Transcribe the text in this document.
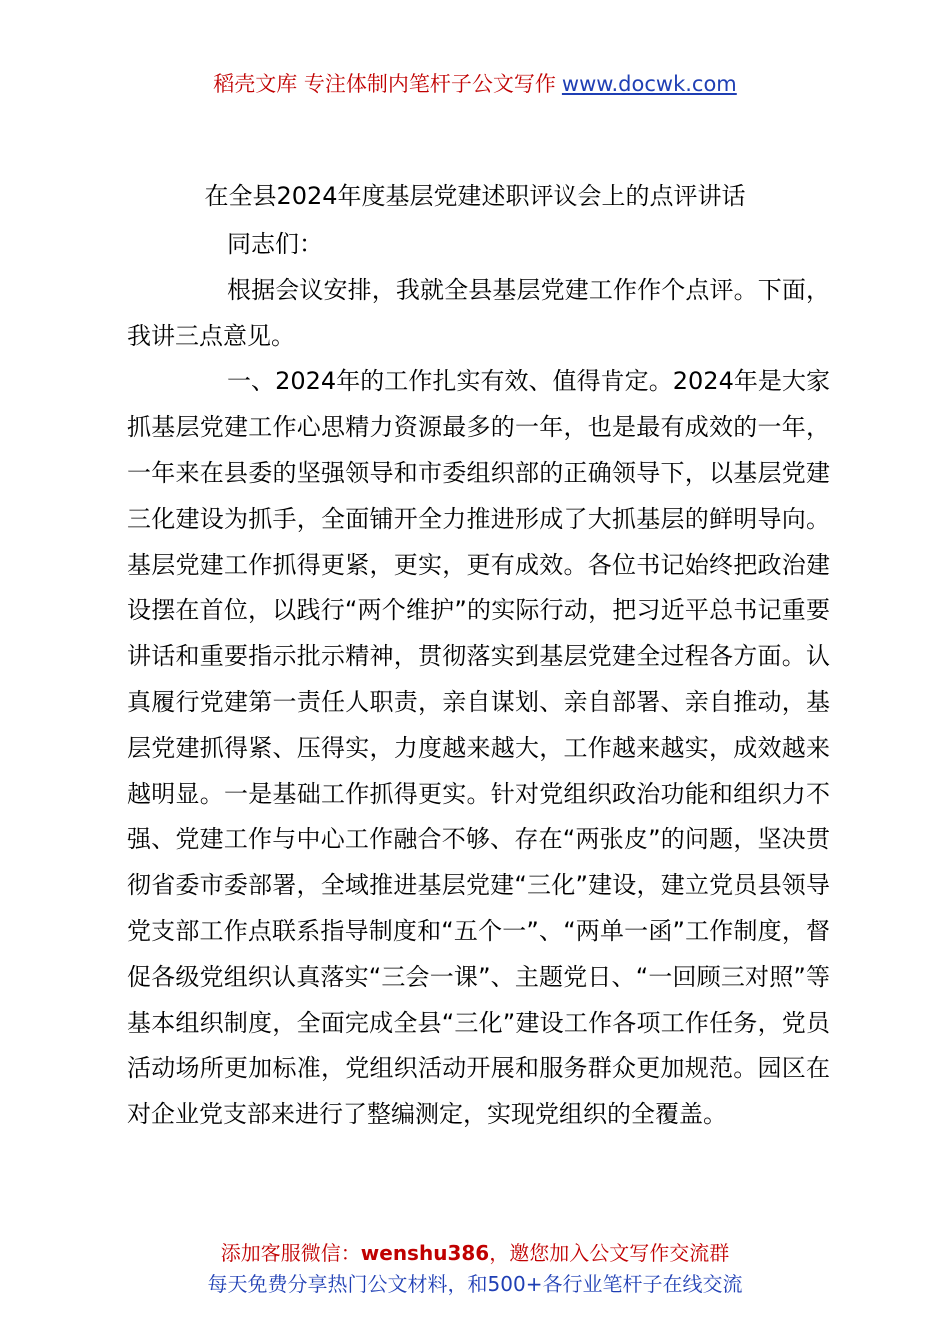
稻壳文库 专注体制内笔杆子公文写作 www.docwk.com
在全县2024年度基层党建述职评议会上的点评讲话

同志们：

根据会议安排，我就全县基层党建工作作个点评。下面，我讲三点意见。

一、2024年的工作扎实有效、值得肯定。2024年是大家抓基层党建工作心思精力资源最多的一年，也是最有成效的一年，一年来在县委的坚强领导和市委组织部的正确领导下，以基层党建三化建设为抓手，全面铺开全力推进形成了大抓基层的鲜明导向。基层党建工作抓得更紧，更实，更有成效。各位书记始终把政治建设摆在首位，以践行“两个维护”的实际行动，把习近平总书记重要讲话和重要指示批示精神，贯彻落实到基层党建全过程各方面。认真履行党建第一责任人职责，亲自谋划、亲自部署、亲自推动，基层党建抓得紧、压得实，力度越来越大，工作越来越实，成效越来越明显。一是基础工作抓得更实。针对党组织政治功能和组织力不强、党建工作与中心工作融合不够、存在“两张皮”的问题，坚决贯彻省委市委部署，全域推进基层党建“三化”建设，建立党员县领导党支部工作点联系指导制度和“五个一”、“两单一函”工作制度，督促各级党组织认真落实“三会一课”、主题党日、“一回顾三对照”等基本组织制度，全面完成全县“三化”建设工作各项工作任务，党员活动场所更加标准，党组织活动开展和服务群众更加规范。园区在对企业党支部来进行了整编测定，实现党组织的全覆盖。

添加客服微信：wenshu386，邀您加入公文写作交流群
每天免费分享热门公文材料，和500+各行业笔杆子在线交流
